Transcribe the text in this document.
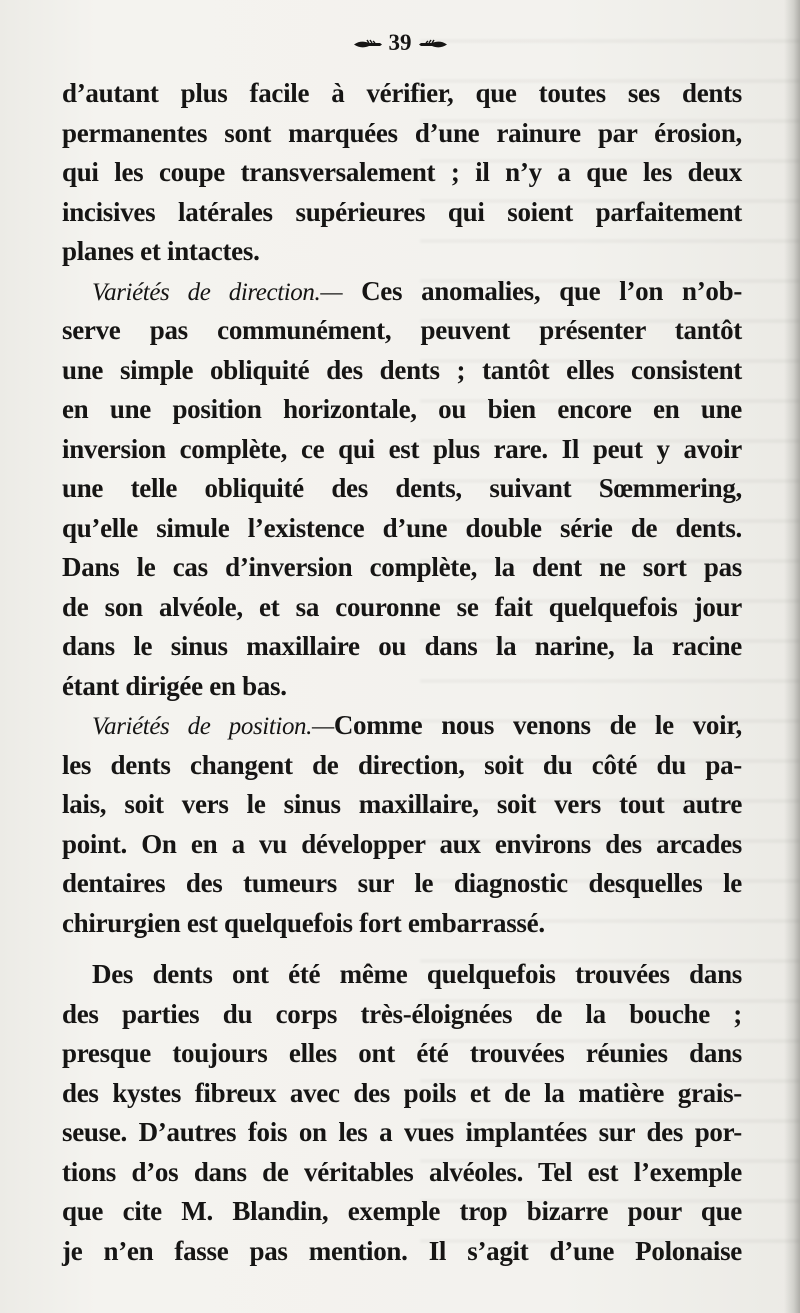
39
d’autant plus facile à vérifier, que toutes ses dents
permanentes sont marquées d’une rainure par érosion,
qui les coupe transversalement ; il n’y a que les deux
incisives latérales supérieures qui soient parfaitement
planes et intactes.
Variétés de direction.— Ces anomalies, que l’on n’ob-
serve pas communément, peuvent présenter tantôt
une simple obliquité des dents ; tantôt elles consistent
en une position horizontale, ou bien encore en une
inversion complète, ce qui est plus rare. Il peut y avoir
une telle obliquité des dents, suivant Sœmmering,
qu’elle simule l’existence d’une double série de dents.
Dans le cas d’inversion complète, la dent ne sort pas
de son alvéole, et sa couronne se fait quelquefois jour
dans le sinus maxillaire ou dans la narine, la racine
étant dirigée en bas.
Variétés de position.—Comme nous venons de le voir,
les dents changent de direction, soit du côté du pa-
lais, soit vers le sinus maxillaire, soit vers tout autre
point. On en a vu développer aux environs des arcades
dentaires des tumeurs sur le diagnostic desquelles le
chirurgien est quelquefois fort embarrassé.
Des dents ont été même quelquefois trouvées dans
des parties du corps très-éloignées de la bouche ;
presque toujours elles ont été trouvées réunies dans
des kystes fibreux avec des poils et de la matière grais-
seuse. D’autres fois on les a vues implantées sur des por-
tions d’os dans de véritables alvéoles. Tel est l’exemple
que cite M. Blandin, exemple trop bizarre pour que
je n’en fasse pas mention. Il s’agit d’une Polonaise
